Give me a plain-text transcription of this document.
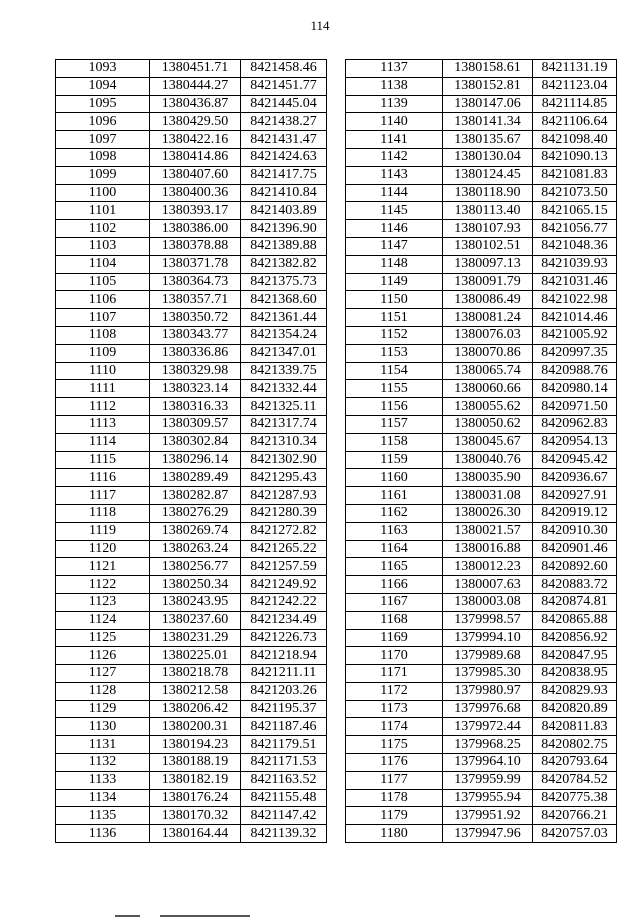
114
1093	1380451.71	8421458.46
1094	1380444.27	8421451.77
1095	1380436.87	8421445.04
1096	1380429.50	8421438.27
1097	1380422.16	8421431.47
1098	1380414.86	8421424.63
1099	1380407.60	8421417.75
1100	1380400.36	8421410.84
1101	1380393.17	8421403.89
1102	1380386.00	8421396.90
1103	1380378.88	8421389.88
1104	1380371.78	8421382.82
1105	1380364.73	8421375.73
1106	1380357.71	8421368.60
1107	1380350.72	8421361.44
1108	1380343.77	8421354.24
1109	1380336.86	8421347.01
1110	1380329.98	8421339.75
1111	1380323.14	8421332.44
1112	1380316.33	8421325.11
1113	1380309.57	8421317.74
1114	1380302.84	8421310.34
1115	1380296.14	8421302.90
1116	1380289.49	8421295.43
1117	1380282.87	8421287.93
1118	1380276.29	8421280.39
1119	1380269.74	8421272.82
1120	1380263.24	8421265.22
1121	1380256.77	8421257.59
1122	1380250.34	8421249.92
1123	1380243.95	8421242.22
1124	1380237.60	8421234.49
1125	1380231.29	8421226.73
1126	1380225.01	8421218.94
1127	1380218.78	8421211.11
1128	1380212.58	8421203.26
1129	1380206.42	8421195.37
1130	1380200.31	8421187.46
1131	1380194.23	8421179.51
1132	1380188.19	8421171.53
1133	1380182.19	8421163.52
1134	1380176.24	8421155.48
1135	1380170.32	8421147.42
1136	1380164.44	8421139.32
1137	1380158.61	8421131.19
1138	1380152.81	8421123.04
1139	1380147.06	8421114.85
1140	1380141.34	8421106.64
1141	1380135.67	8421098.40
1142	1380130.04	8421090.13
1143	1380124.45	8421081.83
1144	1380118.90	8421073.50
1145	1380113.40	8421065.15
1146	1380107.93	8421056.77
1147	1380102.51	8421048.36
1148	1380097.13	8421039.93
1149	1380091.79	8421031.46
1150	1380086.49	8421022.98
1151	1380081.24	8421014.46
1152	1380076.03	8421005.92
1153	1380070.86	8420997.35
1154	1380065.74	8420988.76
1155	1380060.66	8420980.14
1156	1380055.62	8420971.50
1157	1380050.62	8420962.83
1158	1380045.67	8420954.13
1159	1380040.76	8420945.42
1160	1380035.90	8420936.67
1161	1380031.08	8420927.91
1162	1380026.30	8420919.12
1163	1380021.57	8420910.30
1164	1380016.88	8420901.46
1165	1380012.23	8420892.60
1166	1380007.63	8420883.72
1167	1380003.08	8420874.81
1168	1379998.57	8420865.88
1169	1379994.10	8420856.92
1170	1379989.68	8420847.95
1171	1379985.30	8420838.95
1172	1379980.97	8420829.93
1173	1379976.68	8420820.89
1174	1379972.44	8420811.83
1175	1379968.25	8420802.75
1176	1379964.10	8420793.64
1177	1379959.99	8420784.52
1178	1379955.94	8420775.38
1179	1379951.92	8420766.21
1180	1379947.96	8420757.03
